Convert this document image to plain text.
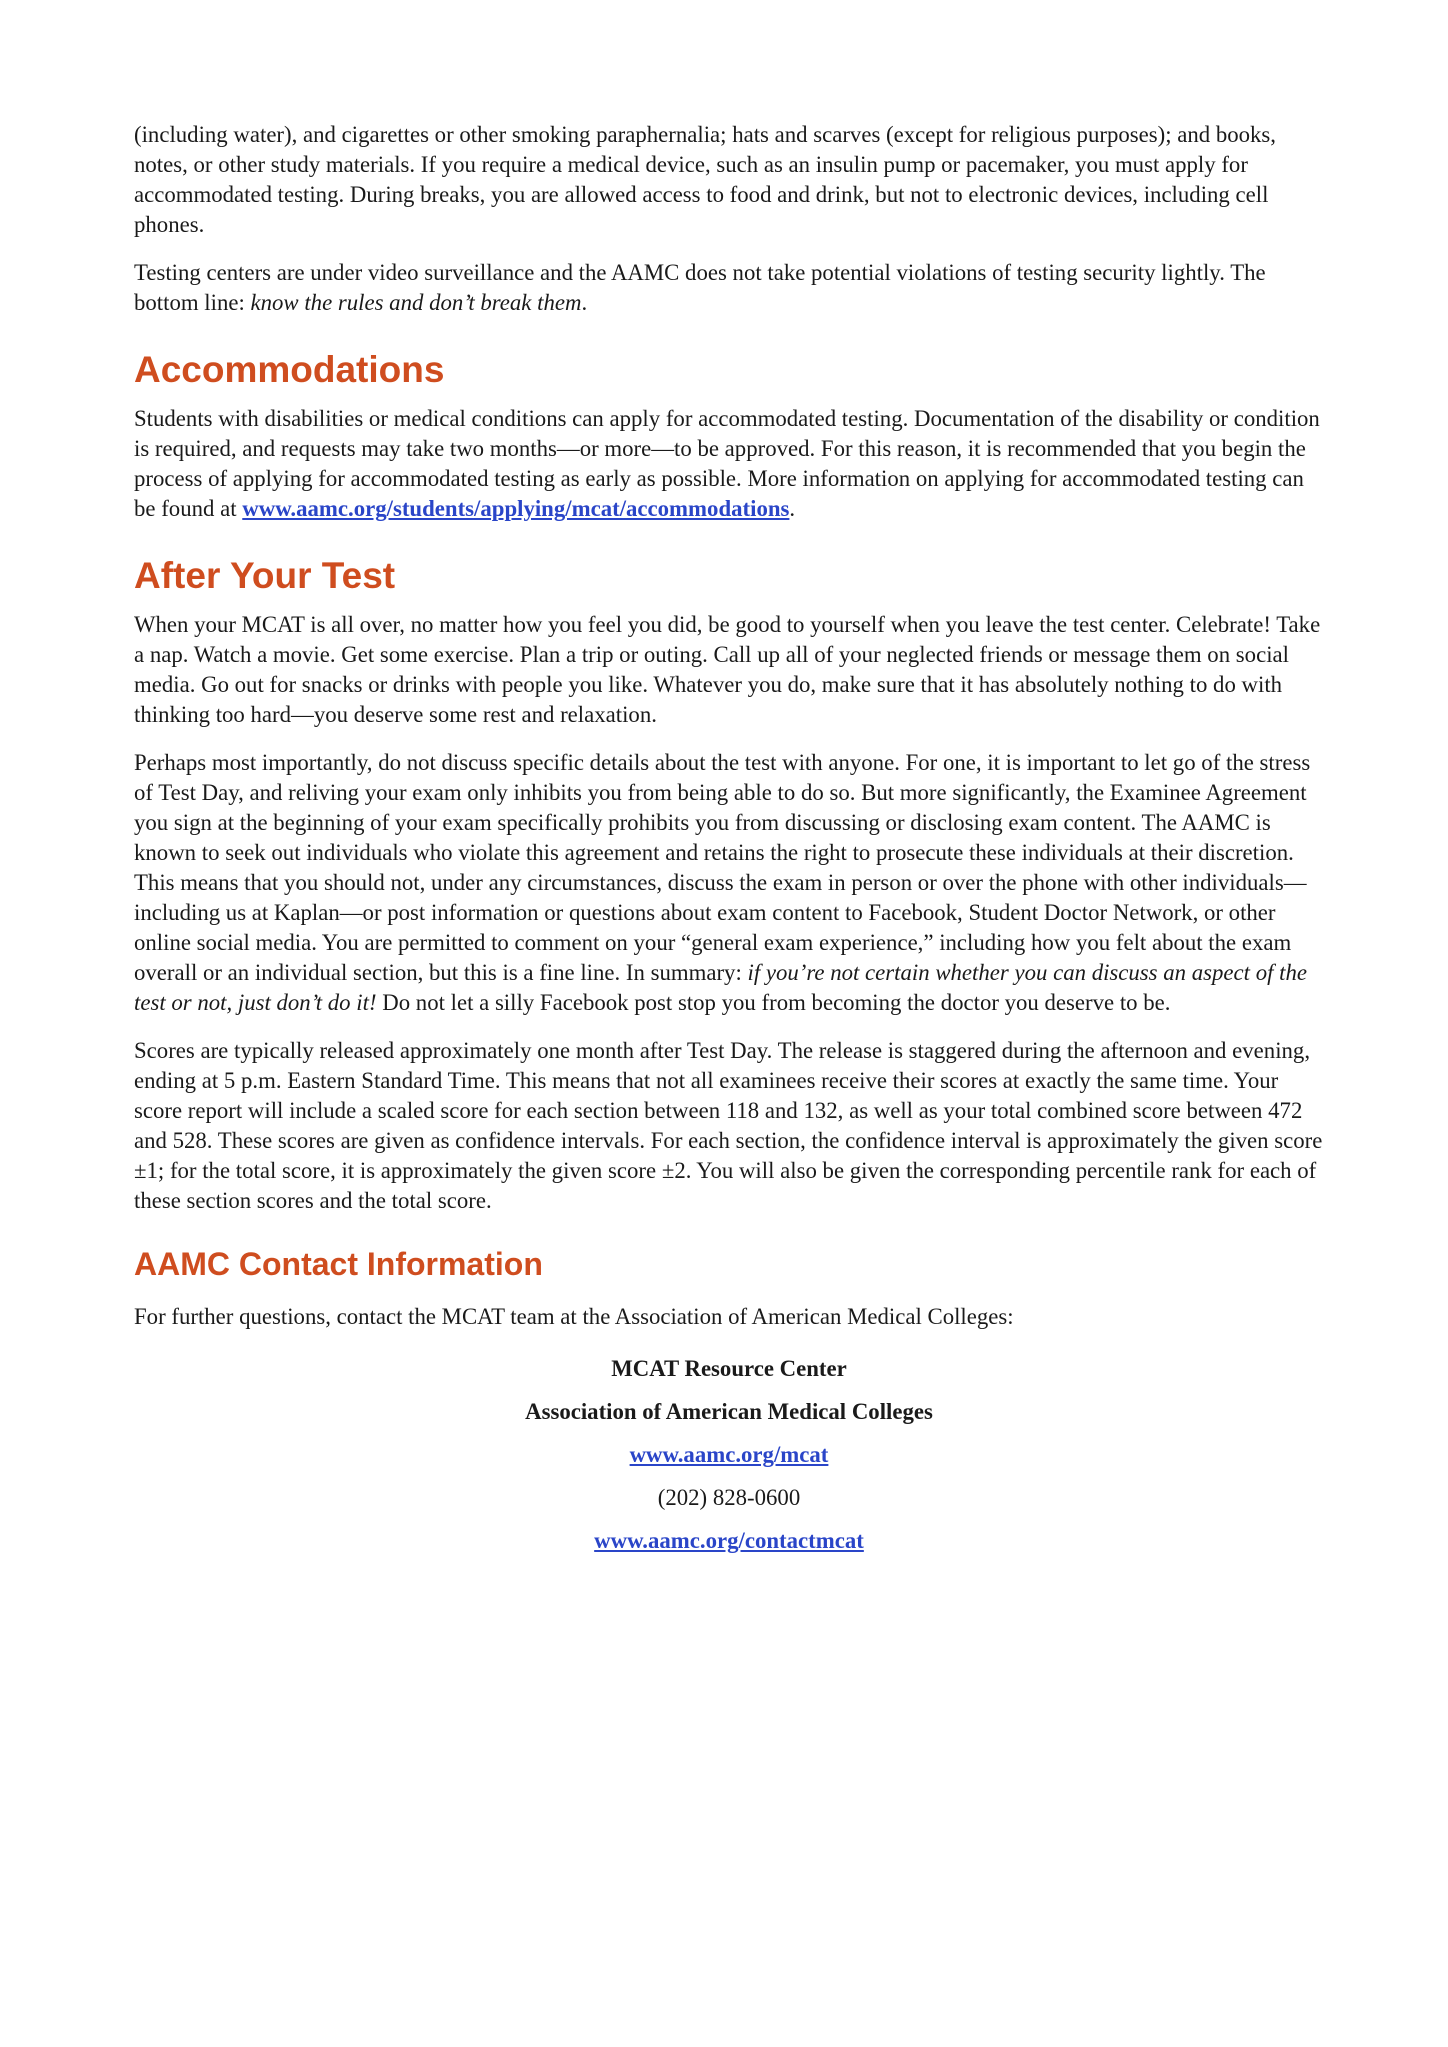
(including water), and cigarettes or other smoking paraphernalia; hats and scarves (except for religious purposes); and books, notes, or other study materials. If you require a medical device, such as an insulin pump or pacemaker, you must apply for accommodated testing. During breaks, you are allowed access to food and drink, but not to electronic devices, including cell phones.

Testing centers are under video surveillance and the AAMC does not take potential violations of testing security lightly. The bottom line: know the rules and don’t break them.

Accommodations

Students with disabilities or medical conditions can apply for accommodated testing. Documentation of the disability or condition is required, and requests may take two months—or more—to be approved. For this reason, it is recommended that you begin the process of applying for accommodated testing as early as possible. More information on applying for accommodated testing can be found at www.aamc.org/students/applying/mcat/accommodations.

After Your Test

When your MCAT is all over, no matter how you feel you did, be good to yourself when you leave the test center. Celebrate! Take a nap. Watch a movie. Get some exercise. Plan a trip or outing. Call up all of your neglected friends or message them on social media. Go out for snacks or drinks with people you like. Whatever you do, make sure that it has absolutely nothing to do with thinking too hard—you deserve some rest and relaxation.

Perhaps most importantly, do not discuss specific details about the test with anyone. For one, it is important to let go of the stress of Test Day, and reliving your exam only inhibits you from being able to do so. But more significantly, the Examinee Agreement you sign at the beginning of your exam specifically prohibits you from discussing or disclosing exam content. The AAMC is known to seek out individuals who violate this agreement and retains the right to prosecute these individuals at their discretion. This means that you should not, under any circumstances, discuss the exam in person or over the phone with other individuals—including us at Kaplan—or post information or questions about exam content to Facebook, Student Doctor Network, or other online social media. You are permitted to comment on your “general exam experience,” including how you felt about the exam overall or an individual section, but this is a fine line. In summary: if you’re not certain whether you can discuss an aspect of the test or not, just don’t do it! Do not let a silly Facebook post stop you from becoming the doctor you deserve to be.

Scores are typically released approximately one month after Test Day. The release is staggered during the afternoon and evening, ending at 5 p.m. Eastern Standard Time. This means that not all examinees receive their scores at exactly the same time. Your score report will include a scaled score for each section between 118 and 132, as well as your total combined score between 472 and 528. These scores are given as confidence intervals. For each section, the confidence interval is approximately the given score ±1; for the total score, it is approximately the given score ±2. You will also be given the corresponding percentile rank for each of these section scores and the total score.

AAMC Contact Information

For further questions, contact the MCAT team at the Association of American Medical Colleges:

MCAT Resource Center
Association of American Medical Colleges
www.aamc.org/mcat
(202) 828-0600
www.aamc.org/contactmcat
